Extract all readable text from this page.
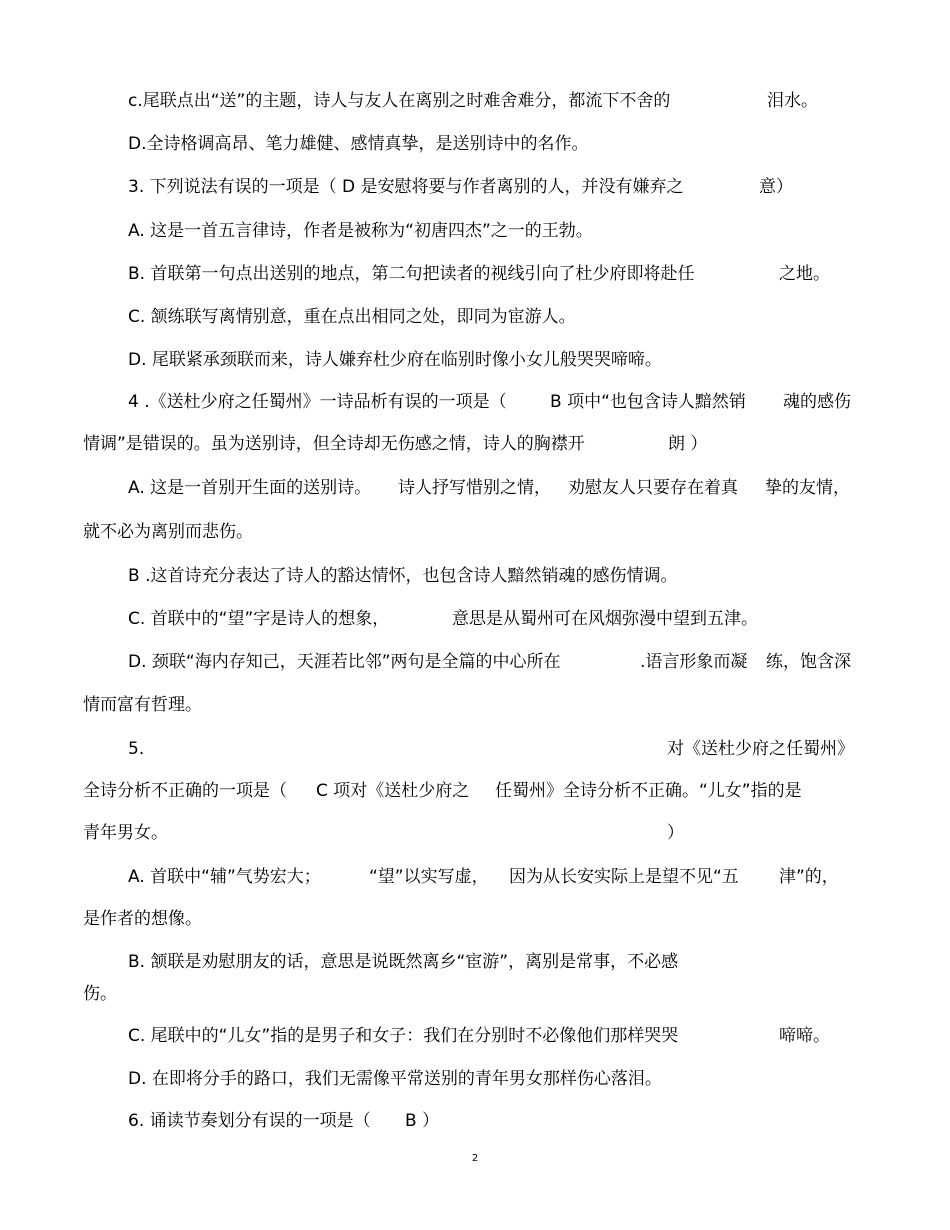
c.尾联点出“送”的主题，诗人与友人在离别之时难舍难分，都流下不舍的	泪水。
D.全诗格调高昂、笔力雄健、感情真挚，是送别诗中的名作。
3. 下列说法有误的一项是（ D 是安慰将要与作者离别的人，并没有嫌弃之	意）
A. 这是一首五言律诗，作者是被称为“初唐四杰”之一的王勃。
B. 首联第一句点出送别的地点，第二句把读者的视线引向了杜少府即将赴任	之地。
C. 颔练联写离情别意，重在点出相同之处，即同为宦游人。
D. 尾联紧承颈联而来，诗人嫌弃杜少府在临别时像小女儿般哭哭啼啼。
4 .《送杜少府之任蜀州》一诗品析有误的一项是（	B 项中“也包含诗人黯然销 魂的感伤
情调”是错误的。虽为送别诗，但全诗却无伤感之情，诗人的胸襟开	朗 ）
A. 这是一首别开生面的送别诗。 诗人抒写惜别之情， 劝慰友人只要存在着真 挚的友情，
就不必为离别而悲伤。
B .这首诗充分表达了诗人的豁达情怀，也包含诗人黯然销魂的感伤情调。
C. 首联中的“望”字是诗人的想象，	意思是从蜀州可在风烟弥漫中望到五津。
D. 颈联“海内存知己，天涯若比邻”两句是全篇的中心所在	.语言形象而凝 练，饱含深
情而富有哲理。
5.	对《送杜少府之任蜀州》
全诗分析不正确的一项是（ C 项对《送杜少府之 任蜀州》全诗分析不正确。“儿女”指的是
青年男女。	）
A. 首联中“辅”气势宏大；	“望”以实写虚， 因为从长安实际上是望不见“五 津”的，
是作者的想像。
B. 颔联是劝慰朋友的话，意思是说既然离乡“宦游”，离别是常事，不必感
伤。
C. 尾联中的“儿女”指的是男子和女子：我们在分别时不必像他们那样哭哭	啼啼。
D. 在即将分手的路口，我们无需像平常送别的青年男女那样伤心落泪。
6. 诵读节奏划分有误的一项是（ B ）
2
